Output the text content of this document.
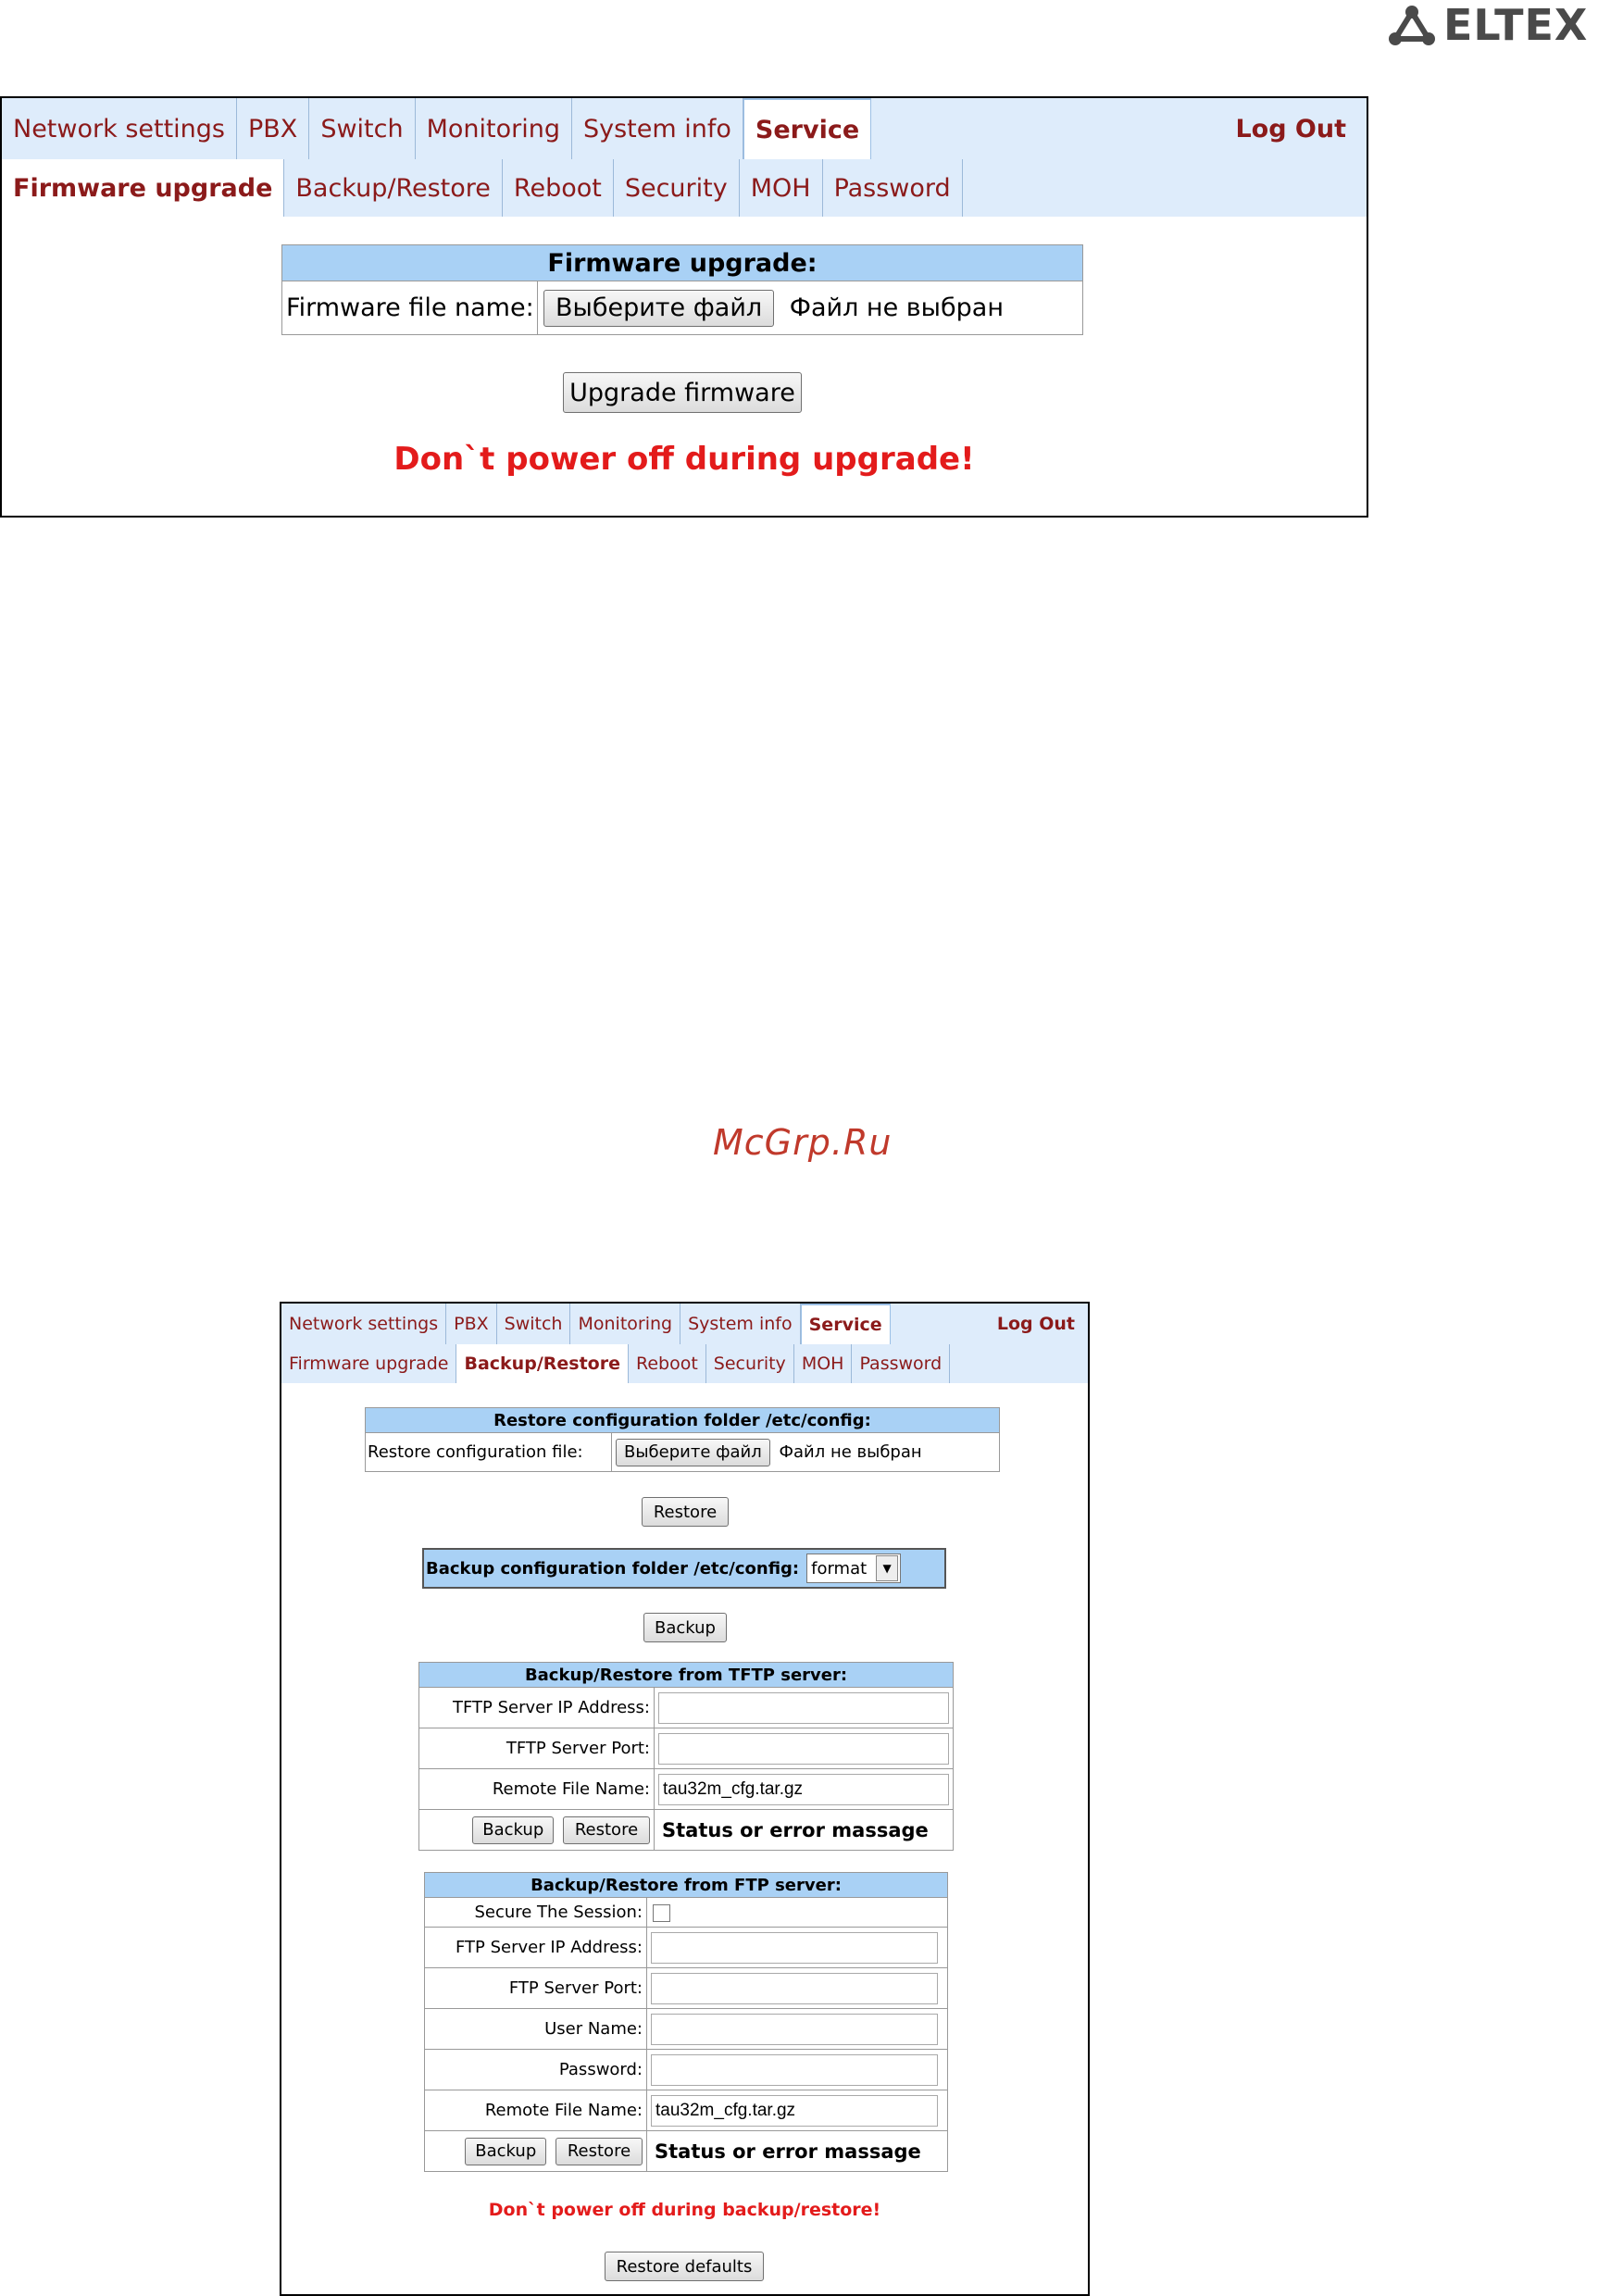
ELTEX
Network settings PBX Switch Monitoring System info Service	Log Out
Firmware upgrade Backup/Restore Reboot Security MOH Password
Firmware upgrade:
Firmware file name:	Выберите файл Файл не выбран
Upgrade firmware
Don`t power off during upgrade!
McGrp.Ru
Network settings PBX Switch Monitoring System info Service	Log Out
Firmware upgrade Backup/Restore Reboot Security MOH Password
Restore configuration folder /etc/config:
Restore configuration file:	Выберите файл Файл не выбран
Restore
Backup configuration folder /etc/config: format	▼
Backup
Backup/Restore from TFTP server:	
TFTP Server IP Address:	

TFTP Server Port:	

Remote File Name:	tau32m_cfg.tar.gz

Backup Restore	Status or error massage
Backup/Restore from FTP server:	
Secure The Session:	
FTP Server IP Address:	

FTP Server Port:	

User Name:	

Password:	

Remote File Name:	tau32m_cfg.tar.gz

Backup Restore	Status or error massage
Don`t power off during backup/restore!
Restore defaults
